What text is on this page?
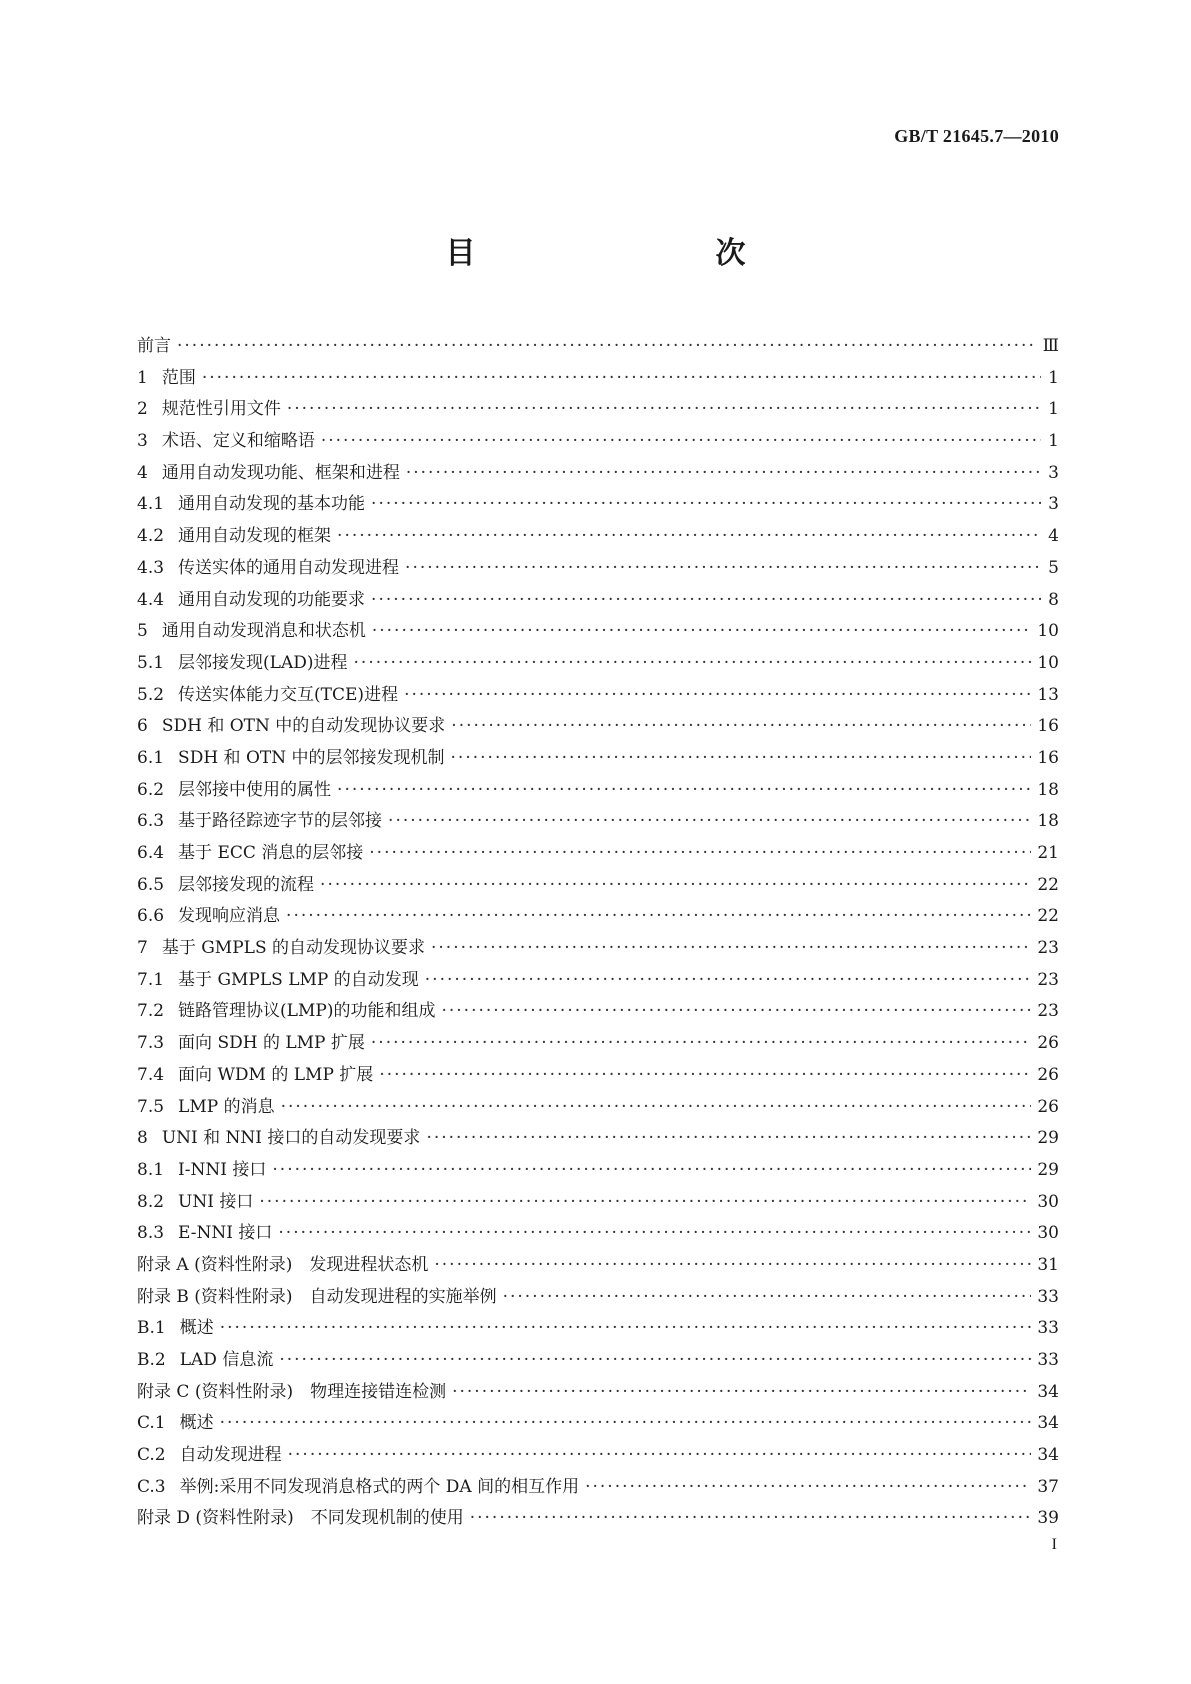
GB/T 21645.7—2010
目　　次
前言 ·····	Ⅲ
1 范围 ·····	1
2 规范性引用文件 ·····	1
3 术语、定义和缩略语 ·····	1
4 通用自动发现功能、框架和进程 ·····	3
4.1 通用自动发现的基本功能 ·····	3
4.2 通用自动发现的框架 ·····	4
4.3 传送实体的通用自动发现进程 ·····	5
4.4 通用自动发现的功能要求 ·····	8
5 通用自动发现消息和状态机 ·····	10
5.1 层邻接发现(LAD)进程 ·····	10
5.2 传送实体能力交互(TCE)进程 ·····	13
6 SDH 和 OTN 中的自动发现协议要求 ·····	16
6.1 SDH 和 OTN 中的层邻接发现机制 ·····	16
6.2 层邻接中使用的属性 ·····	18
6.3 基于路径踪迹字节的层邻接 ·····	18
6.4 基于 ECC 消息的层邻接 ·····	21
6.5 层邻接发现的流程 ·····	22
6.6 发现响应消息 ·····	22
7 基于 GMPLS 的自动发现协议要求 ·····	23
7.1 基于 GMPLS LMP 的自动发现 ·····	23
7.2 链路管理协议(LMP)的功能和组成 ·····	23
7.3 面向 SDH 的 LMP 扩展 ·····	26
7.4 面向 WDM 的 LMP 扩展 ·····	26
7.5 LMP 的消息 ·····	26
8 UNI 和 NNI 接口的自动发现要求 ·····	29
8.1 I-NNI 接口 ·····	29
8.2 UNI 接口 ·····	30
8.3 E-NNI 接口 ·····	30
附录 A (资料性附录)　发现进程状态机 ·····	31
附录 B (资料性附录)　自动发现进程的实施举例 ·····	33
B.1 概述 ·····	33
B.2 LAD 信息流 ·····	33
附录 C (资料性附录)　物理连接错连检测 ·····	34
C.1 概述 ·····	34
C.2 自动发现进程 ·····	34
C.3 举例:采用不同发现消息格式的两个 DA 间的相互作用 ·····	37
附录 D (资料性附录)　不同发现机制的使用 ·····	39
I
